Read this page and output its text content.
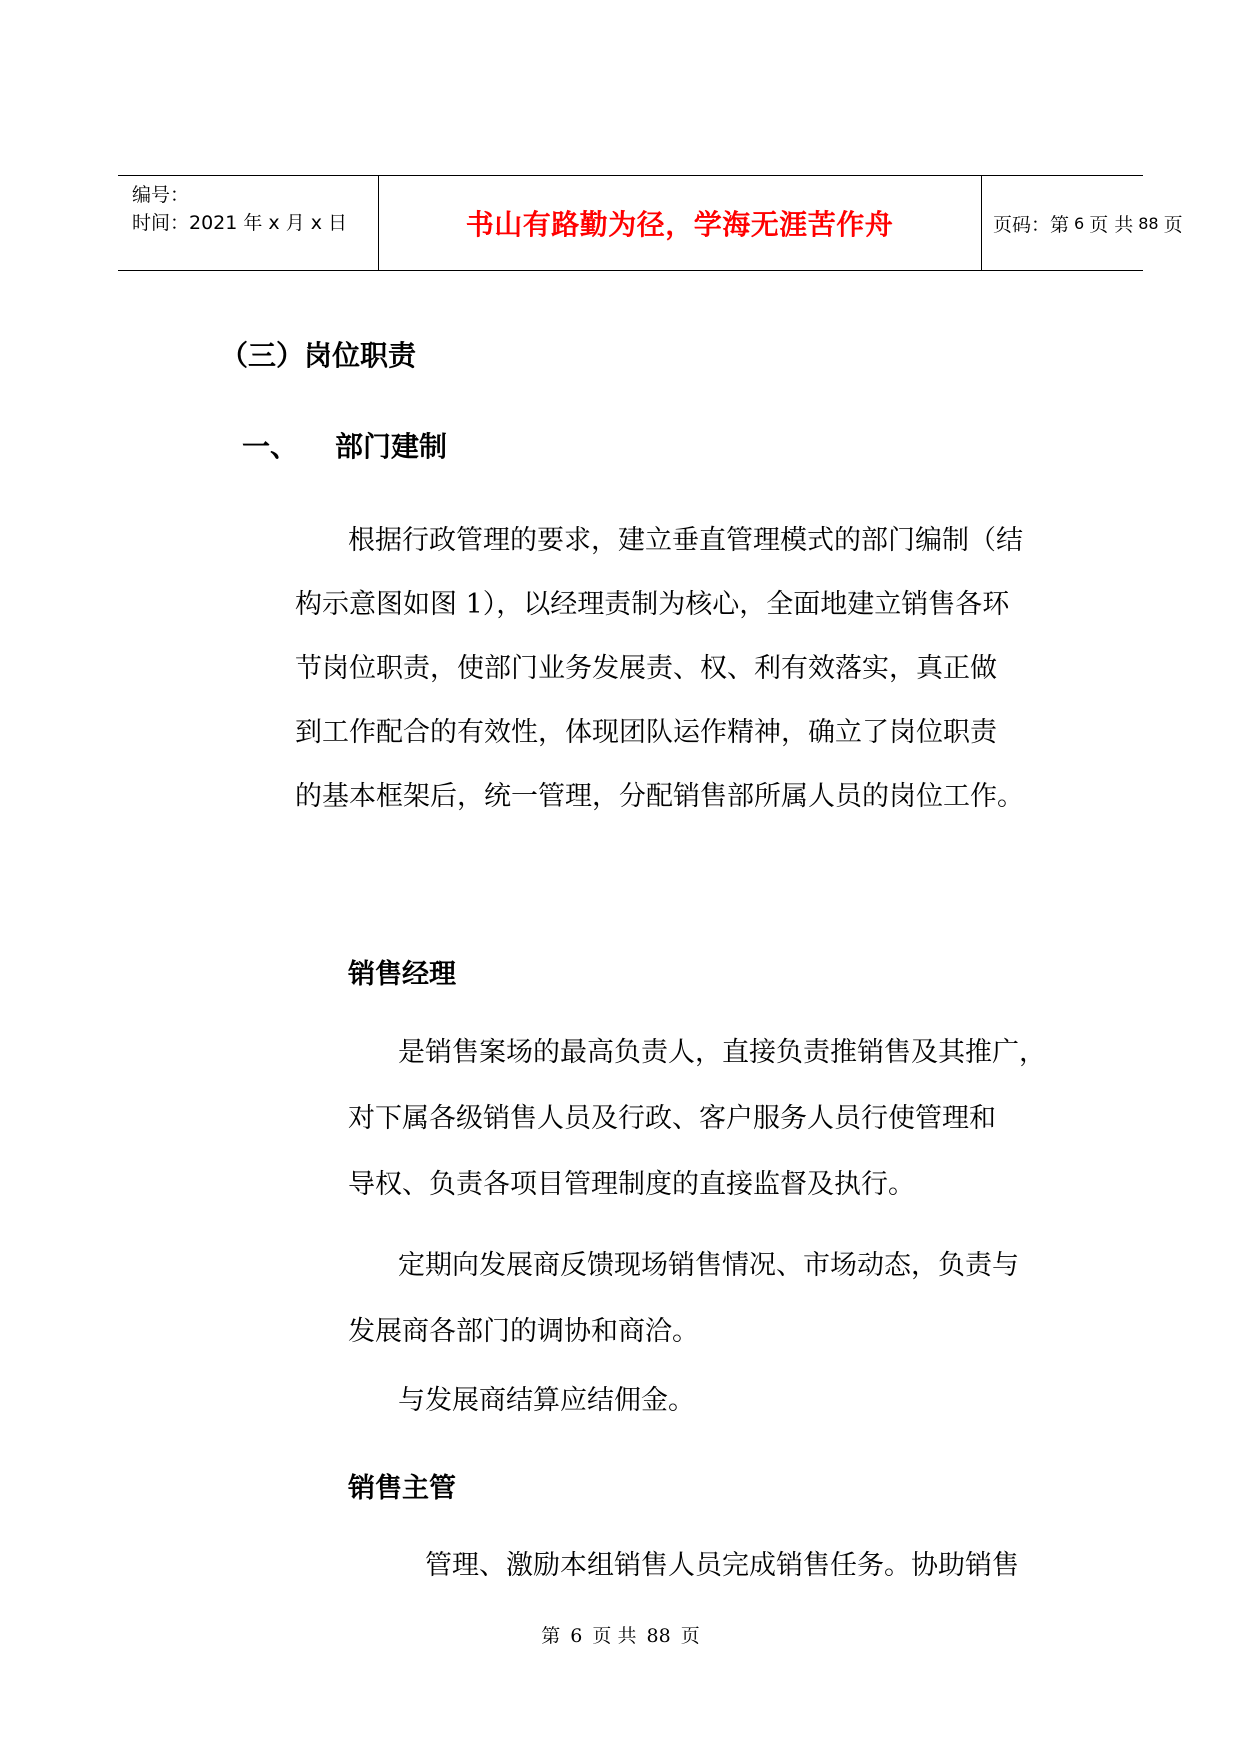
编号：
时间：2021 年 x 月 x 日	书山有路勤为径，学海无涯苦作舟	页码：第 6 页 共 88 页
（三）岗位职责
一、 部门建制
根据行政管理的要求，建立垂直管理模式的部门编制（结
构示意图如图 1），以经理责制为核心，全面地建立销售各环
节岗位职责，使部门业务发展责、权、利有效落实，真正做
到工作配合的有效性，体现团队运作精神，确立了岗位职责
的基本框架后，统一管理，分配销售部所属人员的岗位工作。
销售经理
是销售案场的最高负责人，直接负责推销售及其推广，
对下属各级销售人员及行政、客户服务人员行使管理和
导权、负责各项目管理制度的直接监督及执行。
定期向发展商反馈现场销售情况、市场动态，负责与
发展商各部门的调协和商洽。
与发展商结算应结佣金。
销售主管
管理、激励本组销售人员完成销售任务。协助销售
第 6 页 共 88 页
